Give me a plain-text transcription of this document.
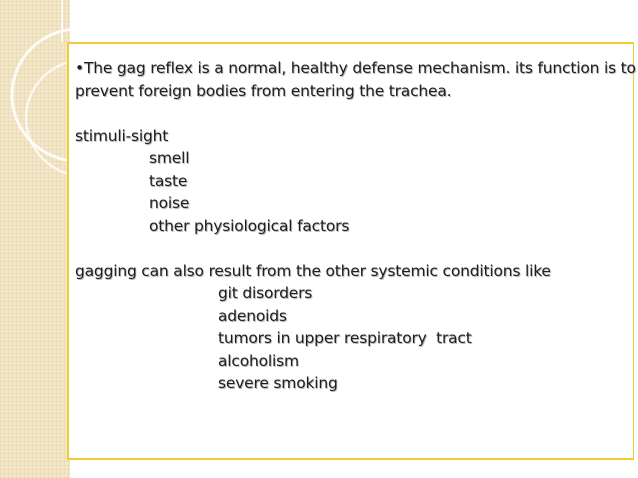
•The gag reflex is a normal, healthy defense mechanism. its function is to
prevent foreign bodies from entering the trachea.
stimuli-sight
smell
taste
noise
other physiological factors
gagging can also result from the other systemic conditions like
git disorders
adenoids
tumors in upper respiratory  tract
alcoholism
severe smoking
